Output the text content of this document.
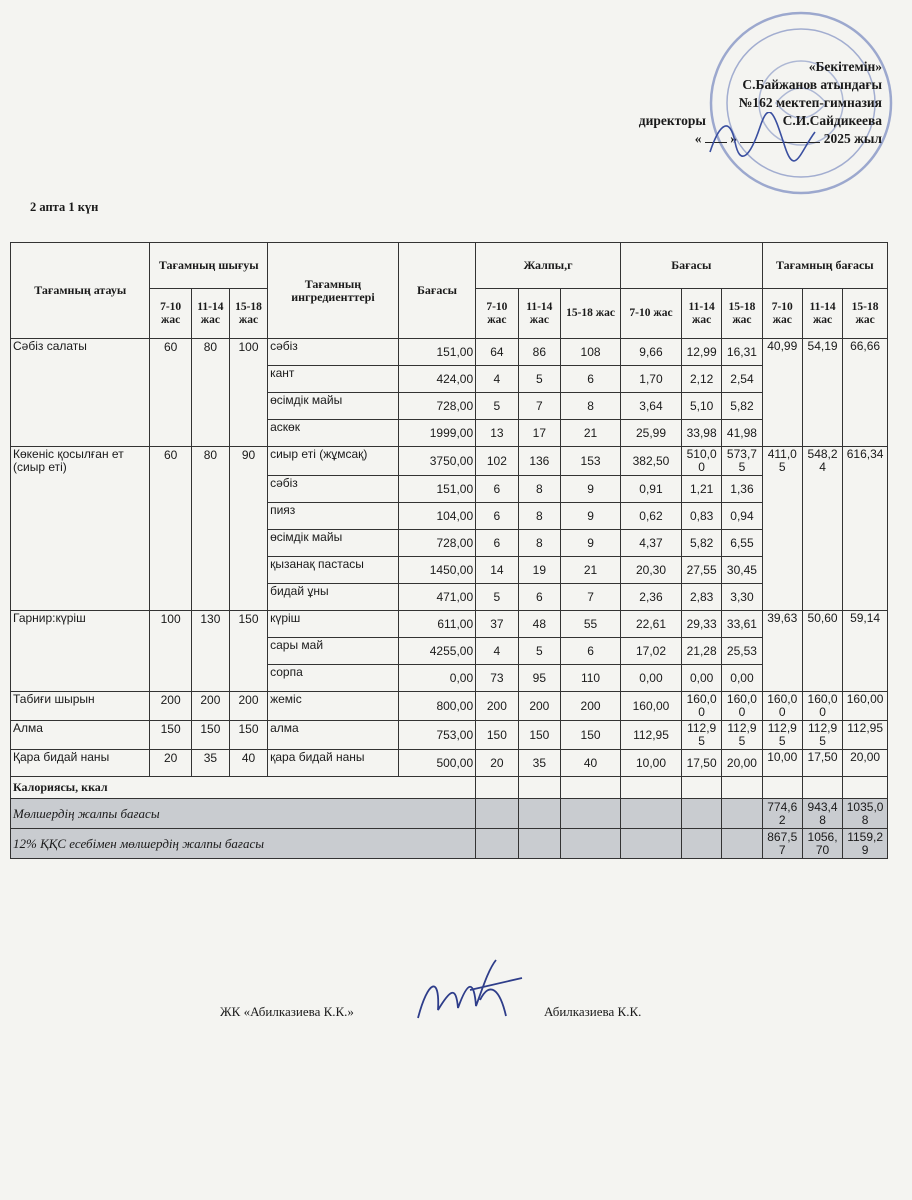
«Бекітемін»
С.Байжанов атындағы
№162 мектеп-гимназия
директоры	С.И.Сайдикеева
« »	2025 жыл
2 апта 1 күн
Тағамның атауы	Тағамның шығуы			Тағамның ингредиенттері	Бағасы	Жалпы,г			Бағасы			Тағамның бағасы		
	7-10 жас	11-14 жас	15-18 жас			7-10 жас	11-14 жас	15-18 жас	7-10 жас	11-14 жас	15-18 жас	7-10 жас	11-14 жас	15-18 жас
Сәбіз салаты	60	80	100	сәбіз	151,00	64	86	108	9,66	12,99	16,31	40,99	54,19	66,66
				кант	424,00	4	5	6	1,70	2,12	2,54			
				өсімдік майы	728,00	5	7	8	3,64	5,10	5,82			
				аскөк	1999,00	13	17	21	25,99	33,98	41,98			
Көкеніс қосылған ет (сиыр еті)	60	80	90	сиыр еті (жұмсақ)	3750,00	102	136	153	382,50	510,00	573,75	411,05	548,24	616,34
				сәбіз	151,00	6	8	9	0,91	1,21	1,36			
				пияз	104,00	6	8	9	0,62	0,83	0,94			
				өсімдік майы	728,00	6	8	9	4,37	5,82	6,55			
				қызанақ пастасы	1450,00	14	19	21	20,30	27,55	30,45			
				бидай ұны	471,00	5	6	7	2,36	2,83	3,30			
Гарнир:күріш	100	130	150	күріш	611,00	37	48	55	22,61	29,33	33,61	39,63	50,60	59,14
				сары май	4255,00	4	5	6	17,02	21,28	25,53			
				сорпа	0,00	73	95	110	0,00	0,00	0,00			
Табиғи шырын	200	200	200	жеміс	800,00	200	200	200	160,00	160,00	160,00	160,00	160,00	160,00
Алма	150	150	150	алма	753,00	150	150	150	112,95	112,95	112,95	112,95	112,95	112,95
Қара бидай наны	20	35	40	қара бидай наны	500,00	20	35	40	10,00	17,50	20,00	10,00	17,50	20,00
Калориясы, ккал														
Мөлшердің жалпы бағасы												774,62	943,48	1035,08
12% ҚҚС есебімен мөлшердің жалпы бағасы												867,57	1056,70	1159,29
ЖК «Абилказиева К.К.»	Абилказиева К.К.
